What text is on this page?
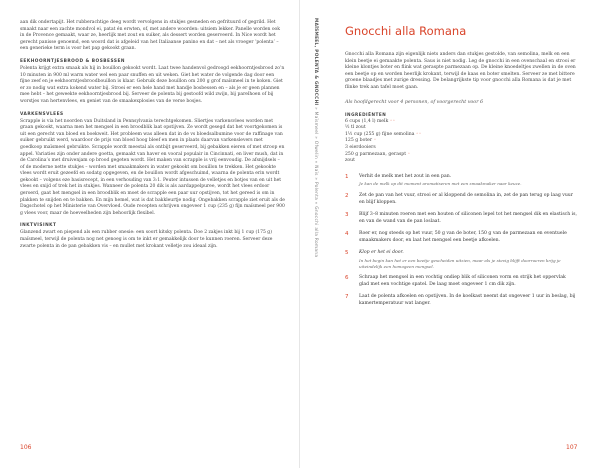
aan dik ondertapijt. Het rubberachtige deeg wordt vervolgens in stukjes gesneden en gefrituurd of gegrild. Het smaakt naar een zachte mondvol ei, patat én erwten, of, met andere woorden: uitsiem lekker. Panelle worden ook in de Provence gemaakt, waar ze, heerlijk met zout en suiker, als dessert worden geserveerd. In Nice wordt het gerecht panisse genoemd, een woord dat is afgeleid van het Italiaanse panino en dat – net als vroeger ‘polenta’ – een generieke term is voor het pap gekookt graan.

EEKHOORNTJESBROOD & BOSBESSEN

Polenta krijgt extra smaak als hij in bouillon gekookt wordt. Laat twee handenvol gedroogd eekhoorntjesbrood zo’n 10 minuten in 900 ml warm water wel een paar snuffen en uit weken. Giet het water de volgende dag door een fijne zeef en je eekhoorntjesbroodbouillon is klaar. Gebruik deze bouillon om 200 g grof maïsmeel in te koken. Giet er zo nodig wat extra kokend water bij. Stroei er een hele hand met handje bosbessen en – als je er geen plannen mee hebt – het geweekte eekhoorntjesbrood bij. Serveer de polenta bij gestoofd wild zwijn, bij parelhoen of bij worstjes van hertenvlees, en geniet van de smaakexplosies van de verse bosjes.

VARKENSVLEES

Scrapple is via het noorden van Duitsland in Pennsylvania terechtgekomen. Sliertjes varkensvlees worden met graan gekookt, waarna men het mengsel in een broodblik laat opstijven. Ze wordt gesegd dat het voortgekomen is uit een gerecht van bloed en boekweit. Het probleem was alleen dat in de vs bloedsalbumine voor de raffinage van suiker gebruikt werd, waardoor de prijs van bloed hoog bleef en men in plaats daarvan varkenslevers met goedkoop maïsmeel gebruikte. Scrapple wordt meestal als ontbijt geserveerd, bij gebakken eieren of met stroop en appel. Variaties zijn onder andere goetta, gemaakt van haver en vooral populair in Cincinnati, en liver mush, dat in de Carolina’s met druivenjam op brood gegeten wordt. Het maken van scrapple is vrij eenvoudig. De afsnijdsels – of de moderne nette stukjes – worden met smaakmakers in water gekookt om bouillon te trekken. Het gekookte vlees wordt eruit gezeefd en sodatg opgegeven, en de bouillon wordt afgeschuimd, waarna de polenta erin wordt gekookt – volgens eze basisrecept, in een verhouding van 3:1. Peuter intussen de velletjes en botjes van en uit het vlees en snijd of trek het in stukjes. Wanneer de polenta 20 dik is als aardappelpuree, wordt het vlees erdoor geroerd, gaat het mengsel in een broodblik en moet de scrapple een paar uur opstijven, tot het gereed is om in plakken te snijden en te bakken. En mijn hemel, wat is dat bakkleurtje nodig. Ongebakken scrapple ziet eruit als de Dagschotel op het Ministerie van Overvloed. Oude recepten schrijven ongeveer 1 cup (235 g) fijn maïsmeel per 900 g vlees voor, maar de hoeveelheden zijn behoorlijk flexibel.

INKTVISINKT

Glanzend zwart en piepend als een rubber onesie: een soort kitsky polenta. Doe 2 zakjes inkt bij 1 cup (175 g) maïsmeel, terwijl de polenta nog net genoeg is om te inkt er gemakkelijk door te kunnen roeren. Serveer deze zwarte polenta in de pan gebakken vis – en mullet met krokant velletje zou ideaal zijn.

106
MAÏSMEEL, POLENTA & GNOCCHI » Maïsmeel » Ofwelin » Naïs » Polenta » Gnocchi alla Romana
Gnocchi alla Romana

Gnocchi alla Romana zijn eigenlijk niets anders dan stukjes gestolde, van semolina, melk en een klein beetje ei gemaakte polenta. Saus is niet nodig. Leg de gnocchi in een ovenschaal en strooi er kleine klontjes boter en flink wat geraspte parmezaan op. De kleine knoedeltjes zwellen in de oven een beetje op en worden heerlijk krokant, terwijl de kaas en boter smelten. Serveer ze met bittere groene blaadjes met zurige dressing. De belangrijkste tip voor gnocchi alla Romana is dat je met flinke trek aan tafel moet gaan.

Als hoofdgerecht voor 4 personen, of voorgerecht voor 6

INGREDIËNTEN
6 cups (1,4 l) melk ◦◦
½ tl zout
1½ cup (255 g) fijne semolina ◦◦
125 g boter ◦
3 eierdooiers
250 g parmezaan, geraspt ◦
zout
1 Verhit de melk met het zout in een pan.
Je kan de melk op dit moment aromatiseren met een smaakmaker naar keuze.
2 Zet de pan van het vuur, strooi er al kloppend de semolina in, zet de pan terug op laag vuur en blijf kloppen.
3 Blijf 3–8 minuten roeren met een houten of siliconen lepel tot het mengsel dik en elastisch is, en van de wand van de pan loslaat.
4 Roer er, nog steeds op het vuur, 50 g van de boter, 150 g van de parmezaan en eventuele smaakmakers door, en laat het mengsel een beetje afkoelen.
5 Klop er het ei door.
In het begin kan het er een beetje gescheiden uitzien, maar als je stevig blijft doorroeren krijg je uiteindelijk een homogeen mengsel.
6 Schraap het mengsel in een vochtig ondiep blik of siliconen vorm en strijk het oppervlak glad met een vochtige spatel. De laag moet ongeveer 1 cm dik zijn.
7 Laat de polenta afkoelen en opstijven. In de koelkast neemt dat ongeveer 1 uur in beslag, bij kamertemperatuur wat langer.
107
